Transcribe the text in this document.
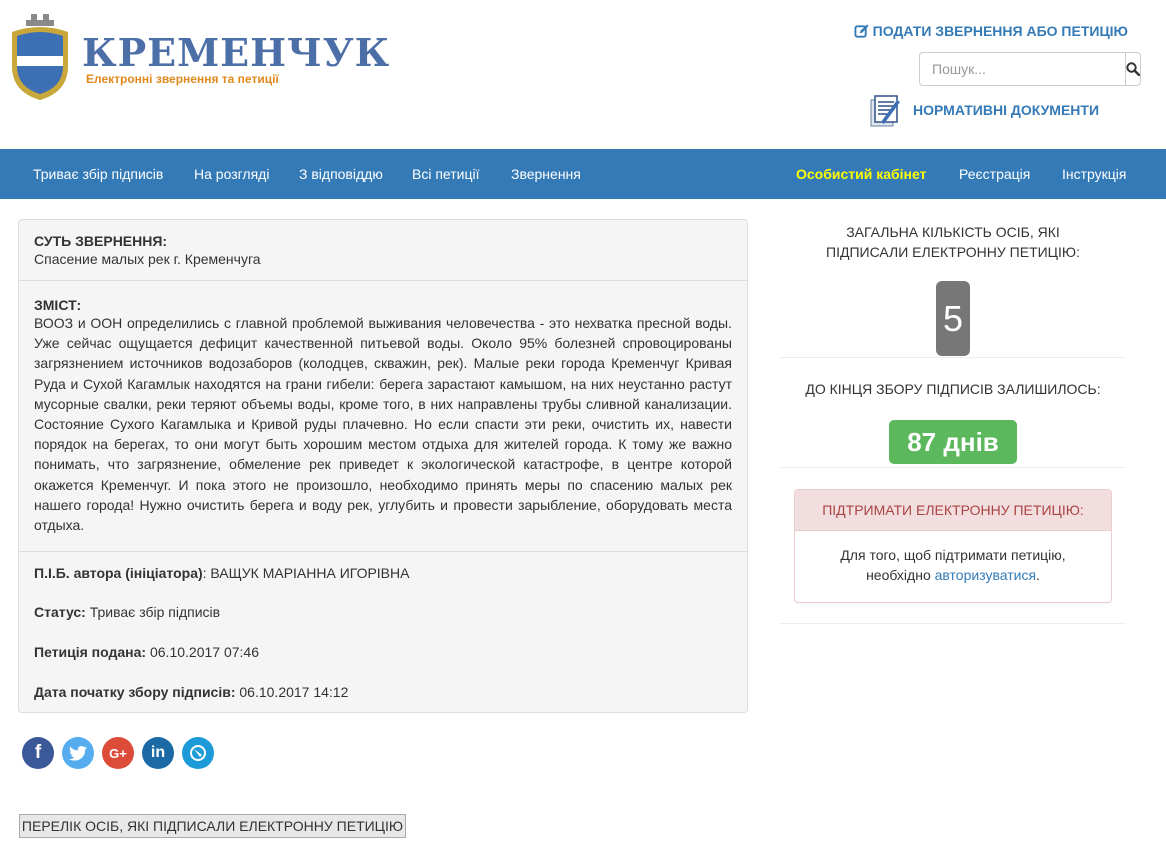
КРЕМЕНЧУК
Електронні звернення та петиції
ПОДАТИ ЗВЕРНЕННЯ АБО ПЕТИЦІЮ
Пошук...
НОРМАТИВНІ ДОКУМЕНТИ
Триває збір підписів На розгляді З відповіддю Всі петиції Звернення	Особистий кабінет Реєстрація Інструкція
СУТЬ ЗВЕРНЕННЯ:
Спасение малых рек г. Кременчуга
ЗМІСТ:
ВООЗ и ООН определились с главной проблемой выживания человечества - это нехватка пресной воды. Уже сейчас ощущается дефицит качественной питьевой воды. Около 95% болезней спровоцированы загрязнением источников водозаборов (колодцев, скважин, рек). Малые реки города Кременчуг Кривая Руда и Сухой Кагамлык находятся на грани гибели: берега зарастают камышом, на них неустанно растут мусорные свалки, реки теряют объемы воды, кроме того, в них направлены трубы сливной канализации. Состояние Сухого Кагамлыка и Кривой руды плачевно. Но если спасти эти реки, очистить их, навести порядок на берегах, то они могут быть хорошим местом отдыха для жителей города. К тому же важно понимать, что загрязнение, обмеление рек приведет к экологической катастрофе, в центре которой окажется Кременчуг. И пока этого не произошло, необходимо принять меры по спасению малых рек нашего города! Нужно очистить берега и воду рек, углубить и провести зарыбление, оборудовать места отдыха.
П.І.Б. автора (ініціатора): ВАЩУК МАРІАННА ИГОРІВНА
Статус: Триває збір підписів
Петиція подана: 06.10.2017 07:46
Дата початку збору підписів: 06.10.2017 14:12
f	G+ in
ПЕРЕЛІК ОСІБ, ЯКІ ПІДПИСАЛИ ЕЛЕКТРОННУ ПЕТИЦІЮ
ЗАГАЛЬНА КІЛЬКІСТЬ ОСІБ, ЯКІ ПІДПИСАЛИ ЕЛЕКТРОННУ ПЕТИЦІЮ:
5
ДО КІНЦЯ ЗБОРУ ПІДПИСІВ ЗАЛИШИЛОСЬ:
87 днів
ПІДТРИМАТИ ЕЛЕКТРОННУ ПЕТИЦІЮ:
Для того, щоб підтримати петицію,
необхідно авторизуватися.
